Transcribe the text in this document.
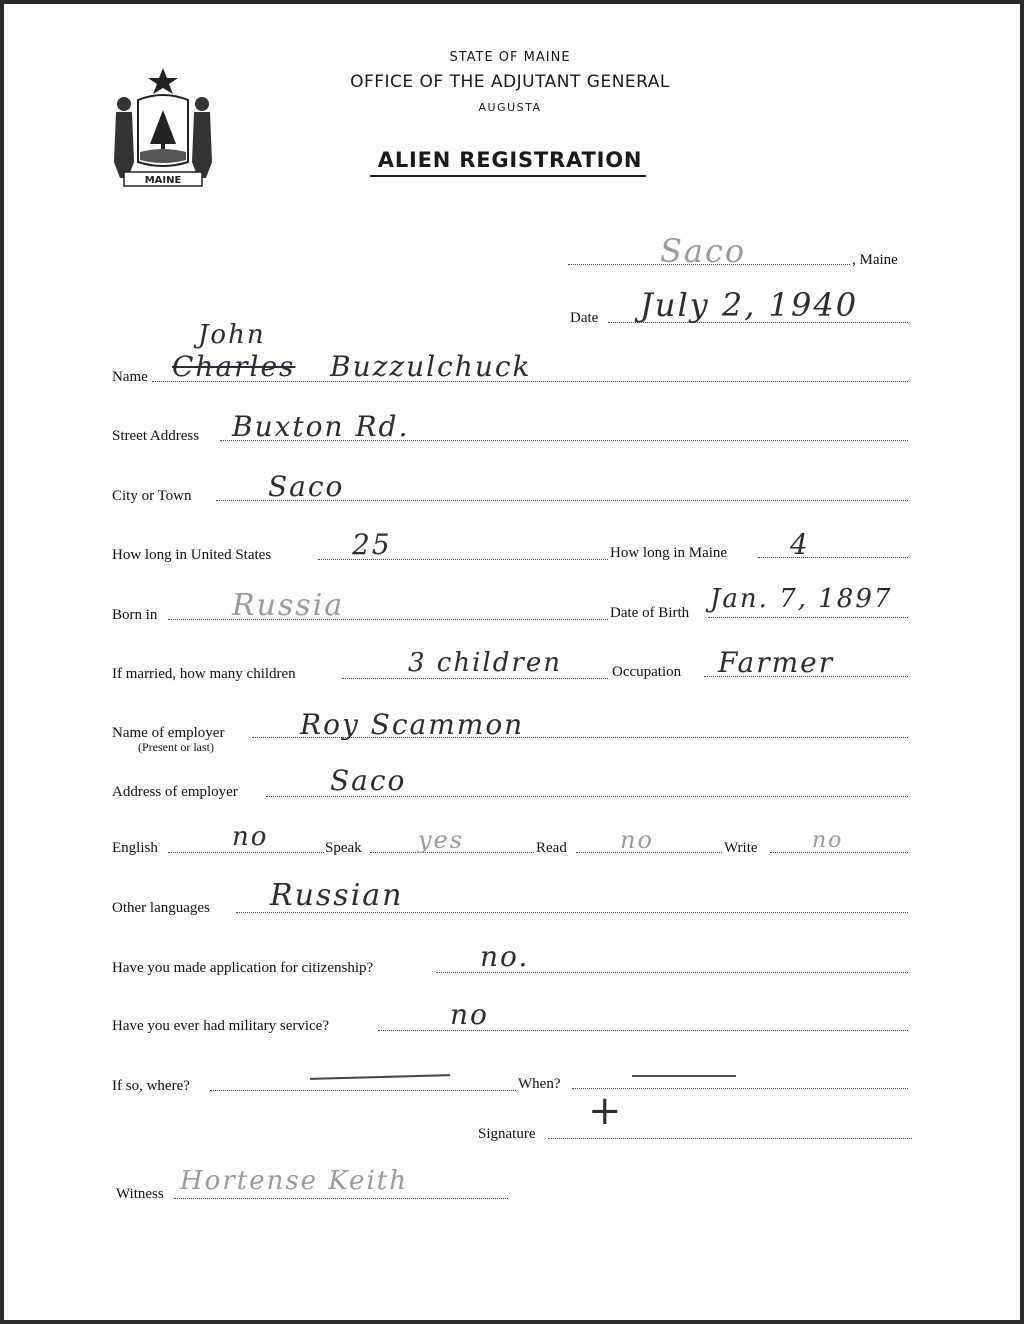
MAINE
STATE OF MAINE
OFFICE OF THE ADJUTANT GENERAL
AUGUSTA
ALIEN REGISTRATION
Saco	, Maine
Date July 2, 1940
John
Name Charles Buzzulchuck
Street Address Buxton Rd.
City or Town	Saco
How long in United States	25	How long in Maine 4
Born in Russia	Date of Birth Jan. 7, 1897
If married, how many children	3 children	Occupation Farmer
Name of employer
(Present or last)
Roy Scammon
Address of employer	Saco
English	no	Speak yes	Read no	Write no
Other languages Russian
Have you made application for citizenship?	no.
Have you ever had military service?	no
If so, where?	When?
Signature +
Witness Hortense Keith
